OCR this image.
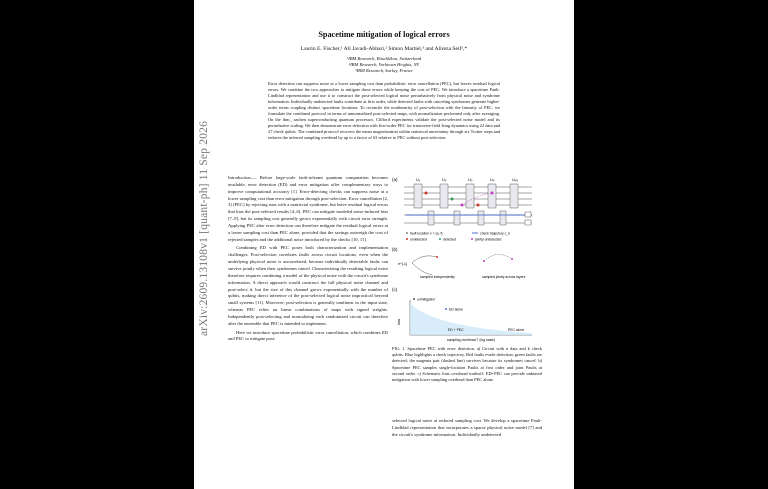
arXiv:2609.13108v1 [quant-ph] 11 Sep 2026
Spacetime mitigation of logical errors
Laurin E. Fischer,¹ Ali Javadi-Abhari,² Simon Martiel,³ and Alireza Seif²,*
¹IBM Research, Rüschlikon, Switzerland
²IBM Research, Yorktown Heights, NY
³IBM Research, Saclay, France
Error detection can suppress noise at a lower sampling cost than probabilistic error cancellation (PEC), but leaves residual logical errors. We combine the two approaches to mitigate those errors while keeping the cost of PEC. We introduce a spacetime Pauli-Lindblad representation and use it to construct the post-selected logical noise perturbatively from physical noise and syndrome information. Individually undetected faults contribute at first order, while detected faults with canceling syndromes generate higher-order terms coupling distinct spacetime locations. To reconcile the nonlinearity of post-selection with the linearity of PEC, we formulate the combined protocol in terms of unnormalized post-selected maps, with normalization performed only after averaging. On the ibm_ aachen superconducting quantum processor, Clifford experiments validate the post-selected noise model and its perturbative scaling. We then demonstrate error detection with first-order PEC for transverse-field Ising dynamics using 22 data and 27 check qubits. The combined protocol recovers the mean magnetization within statistical uncertainty through six Trotter steps and reduces the inferred sampling overhead by up to a factor of 63 relative to PEC without post-selection.

Introduction.— Before large-scale fault-tolerant quantum computation becomes available, error detection (ED) and error mitigation offer complementary ways to improve computational accuracy [1]. Error-detecting checks can suppress noise at a lower sampling cost than error mitigation through post-selection. Error cancellation [2, 3] (PEC) by rejecting runs with a nontrivial syndrome, but leave residual logical errors that bias the post-selected results [4–6]. PEC can mitigate modeled noise-induced bias [7–9], but its sampling cost generally grows exponentially with circuit error strength. Applying PEC after error detection can therefore mitigate the residual logical errors at a lower sampling cost than PEC alone, provided that the savings outweigh the cost of rejected samples and the additional noise introduced by the checks [10, 11].

Combining ED with PEC poses both characterization and implementation challenges. Post-selection correlates faults across circuit locations, even when the underlying physical noise is uncorrelated, because individually detectable faults can survive jointly when their syndromes cancel. Characterizing the resulting logical noise therefore requires combining a model of the physical noise with the circuit's syndrome information. A direct approach would construct the full physical noise channel and post-select it, but the size of this channel grows exponentially with the number of qubits, making direct inference of the post-selected logical noise impractical beyond small systems [11]. Moreover, post-selection is generally nonlinear in the input state, whereas PEC relies on linear combinations of maps with signed weights. Independently post-selecting and normalizing each randomized circuit can therefore alter the ensemble that PEC is intended to implement.

Here we introduce spacetime probabilistic error cancellation, which combines ED and PEC to mitigate post-

(a)	U₁	U₂	U₃	U₄	U₄₀
fault location ν = (a, f)	check trajectory c_k
undetected	detected	jointly undetected
(b)
e^{-λ}
sampled independently	sampled jointly across layers
(c)
bias
unmitigated
ED alone
ED + PEC	PEC alone
sampling overhead Γ (log scale)
FIG. 1. Spacetime PEC with error detection. a) Circuit with n data and k check qubits. Blue highlights a check trajectory. Red faults evade detection; green faults are detected; the magenta pair (dashed line) survives because its syndromes cancel. b) Spacetime PEC samples single-location Paulis at first order and joint Paulis at second order. c) Schematic bias–overhead tradeoff: ED+PEC can provide unbiased mitigation with lower sampling overhead than PEC alone.
selected logical noise at reduced sampling cost. We develop a spacetime Pauli-Lindblad representation that incorporates a sparse physical noise model [7] and the circuit's syndrome information. Individually undetected
